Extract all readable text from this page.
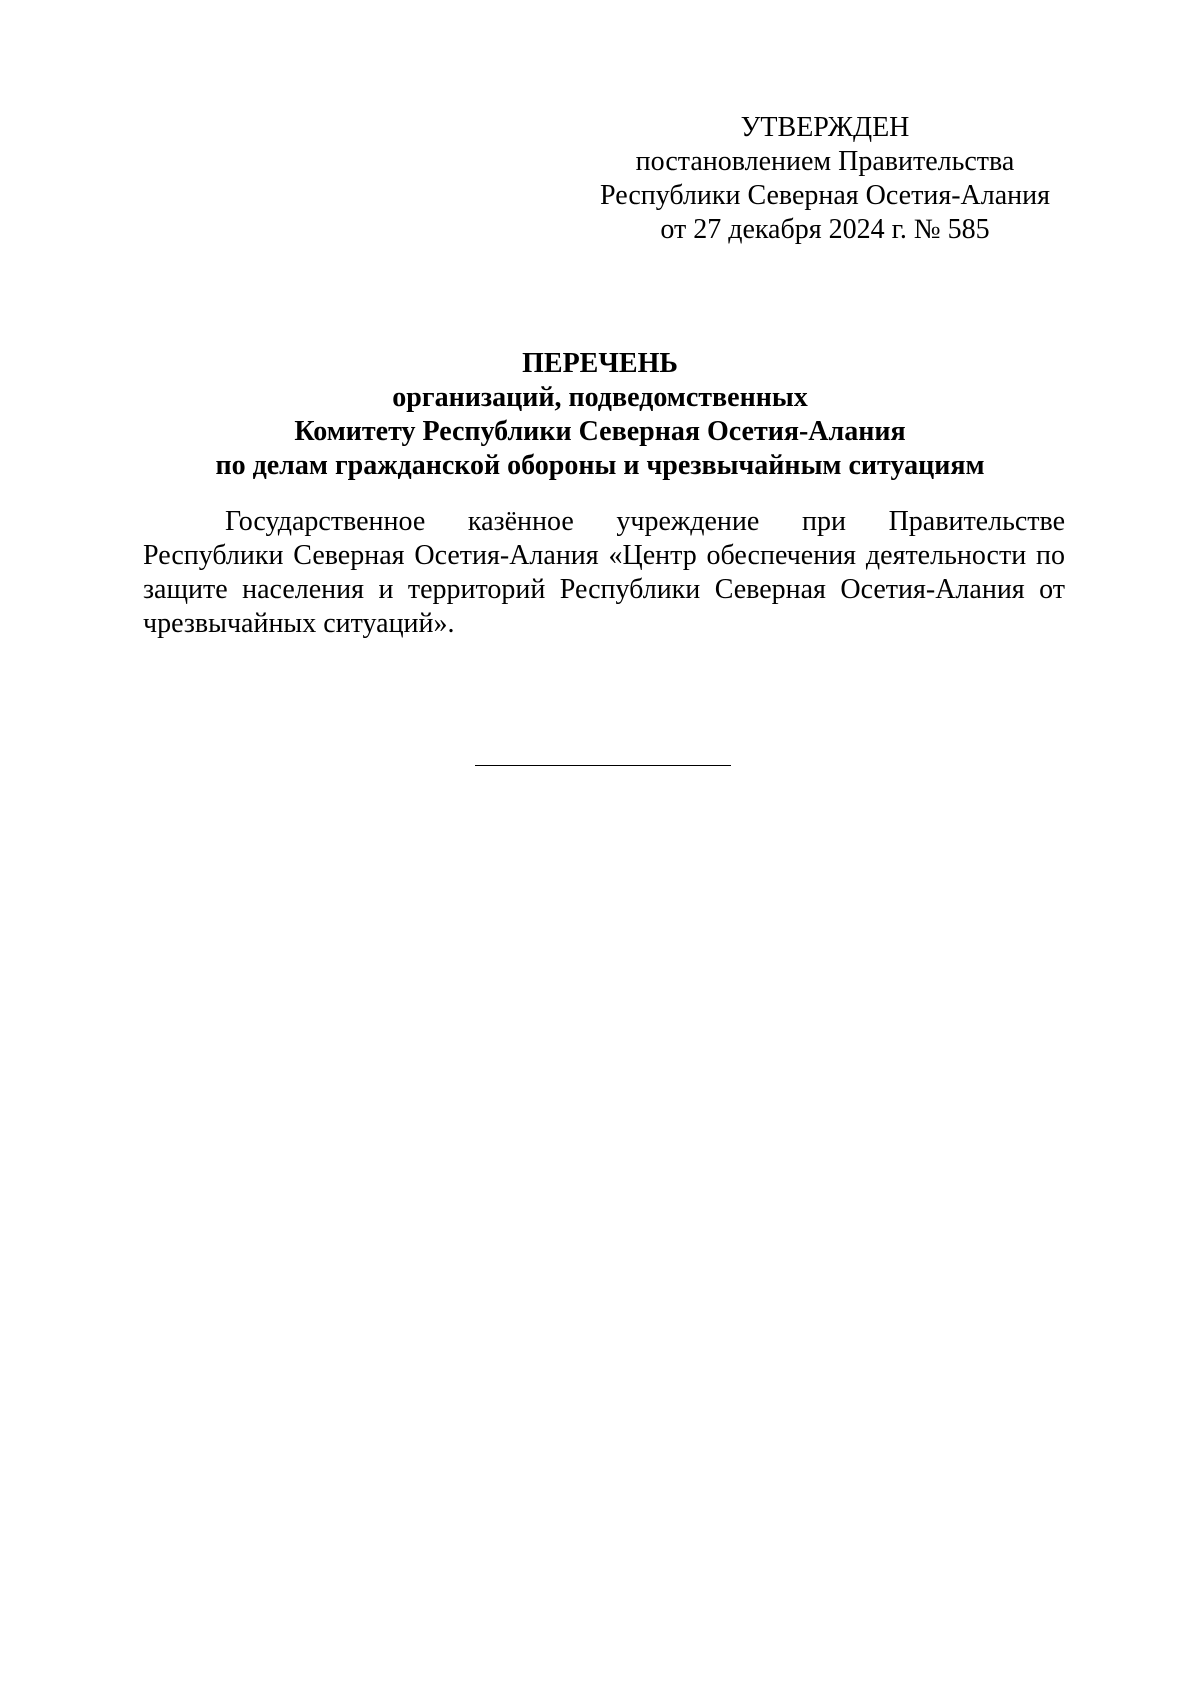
УТВЕРЖДЕН
постановлением Правительства
Республики Северная Осетия-Алания
от 27 декабря 2024 г. № 585
ПЕРЕЧЕНЬ
организаций, подведомственных
Комитету Республики Северная Осетия-Алания
по делам гражданской обороны и чрезвычайным ситуациям

Государственное казённое учреждение при Правительстве Республики Северная Осетия-Алания «Центр обеспечения деятельности по защите населения и территорий Республики Северная Осетия-Алания от чрезвычайных ситуаций».
